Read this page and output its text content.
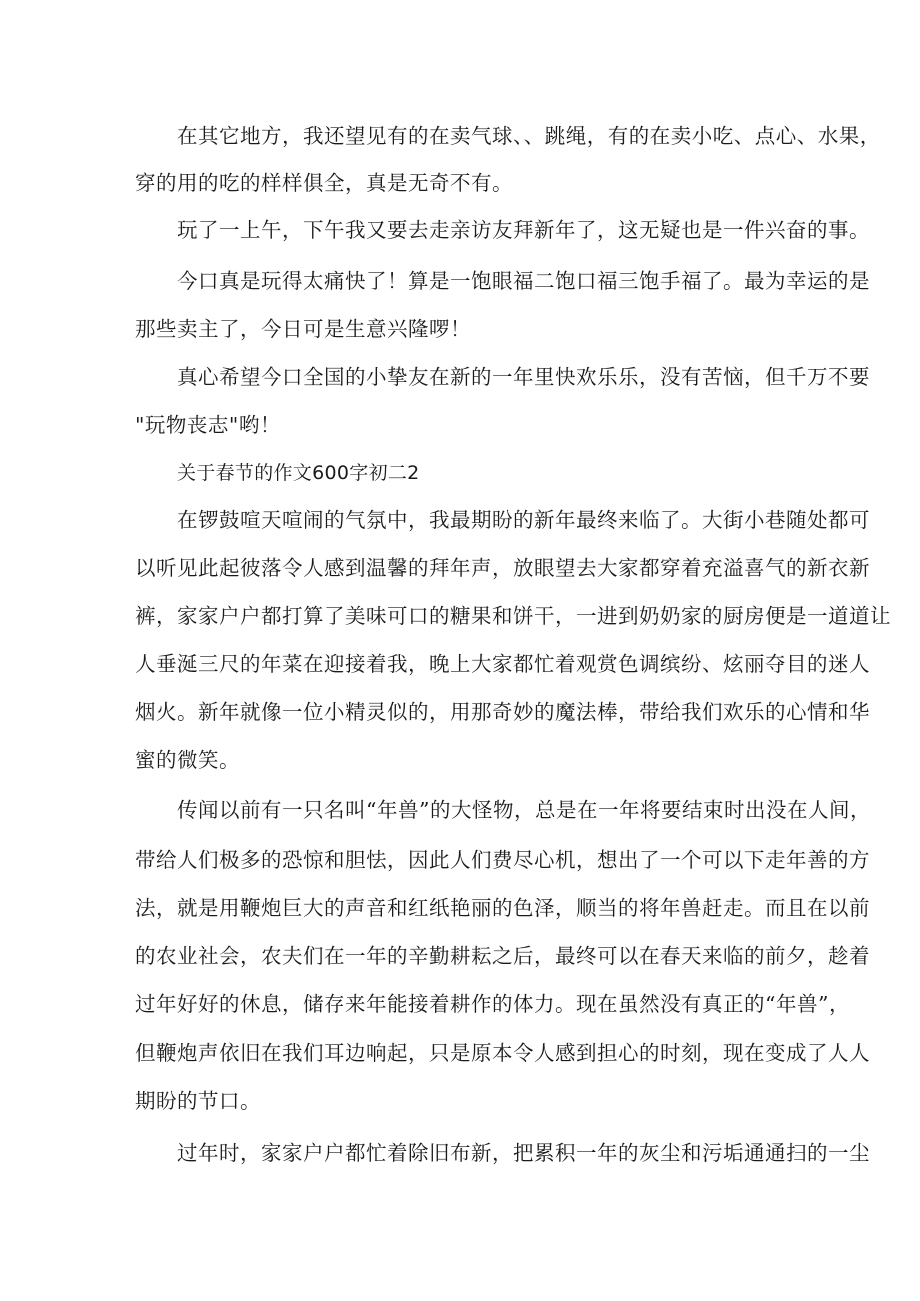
在其它地方，我还望见有的在卖气球、、跳绳，有的在卖小吃、点心、水果，
穿的用的吃的样样俱全，真是无奇不有。
玩了一上午，下午我又要去走亲访友拜新年了，这无疑也是一件兴奋的事。
今口真是玩得太痛快了！算是一饱眼福二饱口福三饱手福了。最为幸运的是
那些卖主了，今日可是生意兴隆啰！
真心希望今口全国的小挚友在新的一年里快欢乐乐，没有苦恼，但千万不要
"玩物丧志"哟！
关于春节的作文600字初二2
在锣鼓喧天喧闹的气氛中，我最期盼的新年最终来临了。大街小巷随处都可
以听见此起彼落令人感到温馨的拜年声，放眼望去大家都穿着充溢喜气的新衣新
裤，家家户户都打算了美味可口的糖果和饼干，一进到奶奶家的厨房便是一道道让
人垂涎三尺的年菜在迎接着我，晚上大家都忙着观赏色调缤纷、炫丽夺目的迷人
烟火。新年就像一位小精灵似的，用那奇妙的魔法棒，带给我们欢乐的心情和华
蜜的微笑。
传闻以前有一只名叫“年兽”的大怪物，总是在一年将要结束时出没在人间，
带给人们极多的恐惊和胆怯，因此人们费尽心机，想出了一个可以下走年善的方
法，就是用鞭炮巨大的声音和红纸艳丽的色泽，顺当的将年兽赶走。而且在以前
的农业社会，农夫们在一年的辛勤耕耘之后，最终可以在春天来临的前夕，趁着
过年好好的休息，储存来年能接着耕作的体力。现在虽然没有真正的“年兽”，
但鞭炮声依旧在我们耳边响起，只是原本令人感到担心的时刻，现在变成了人人
期盼的节口。
过年时，家家户户都忙着除旧布新，把累积一年的灰尘和污垢通通扫的一尘
